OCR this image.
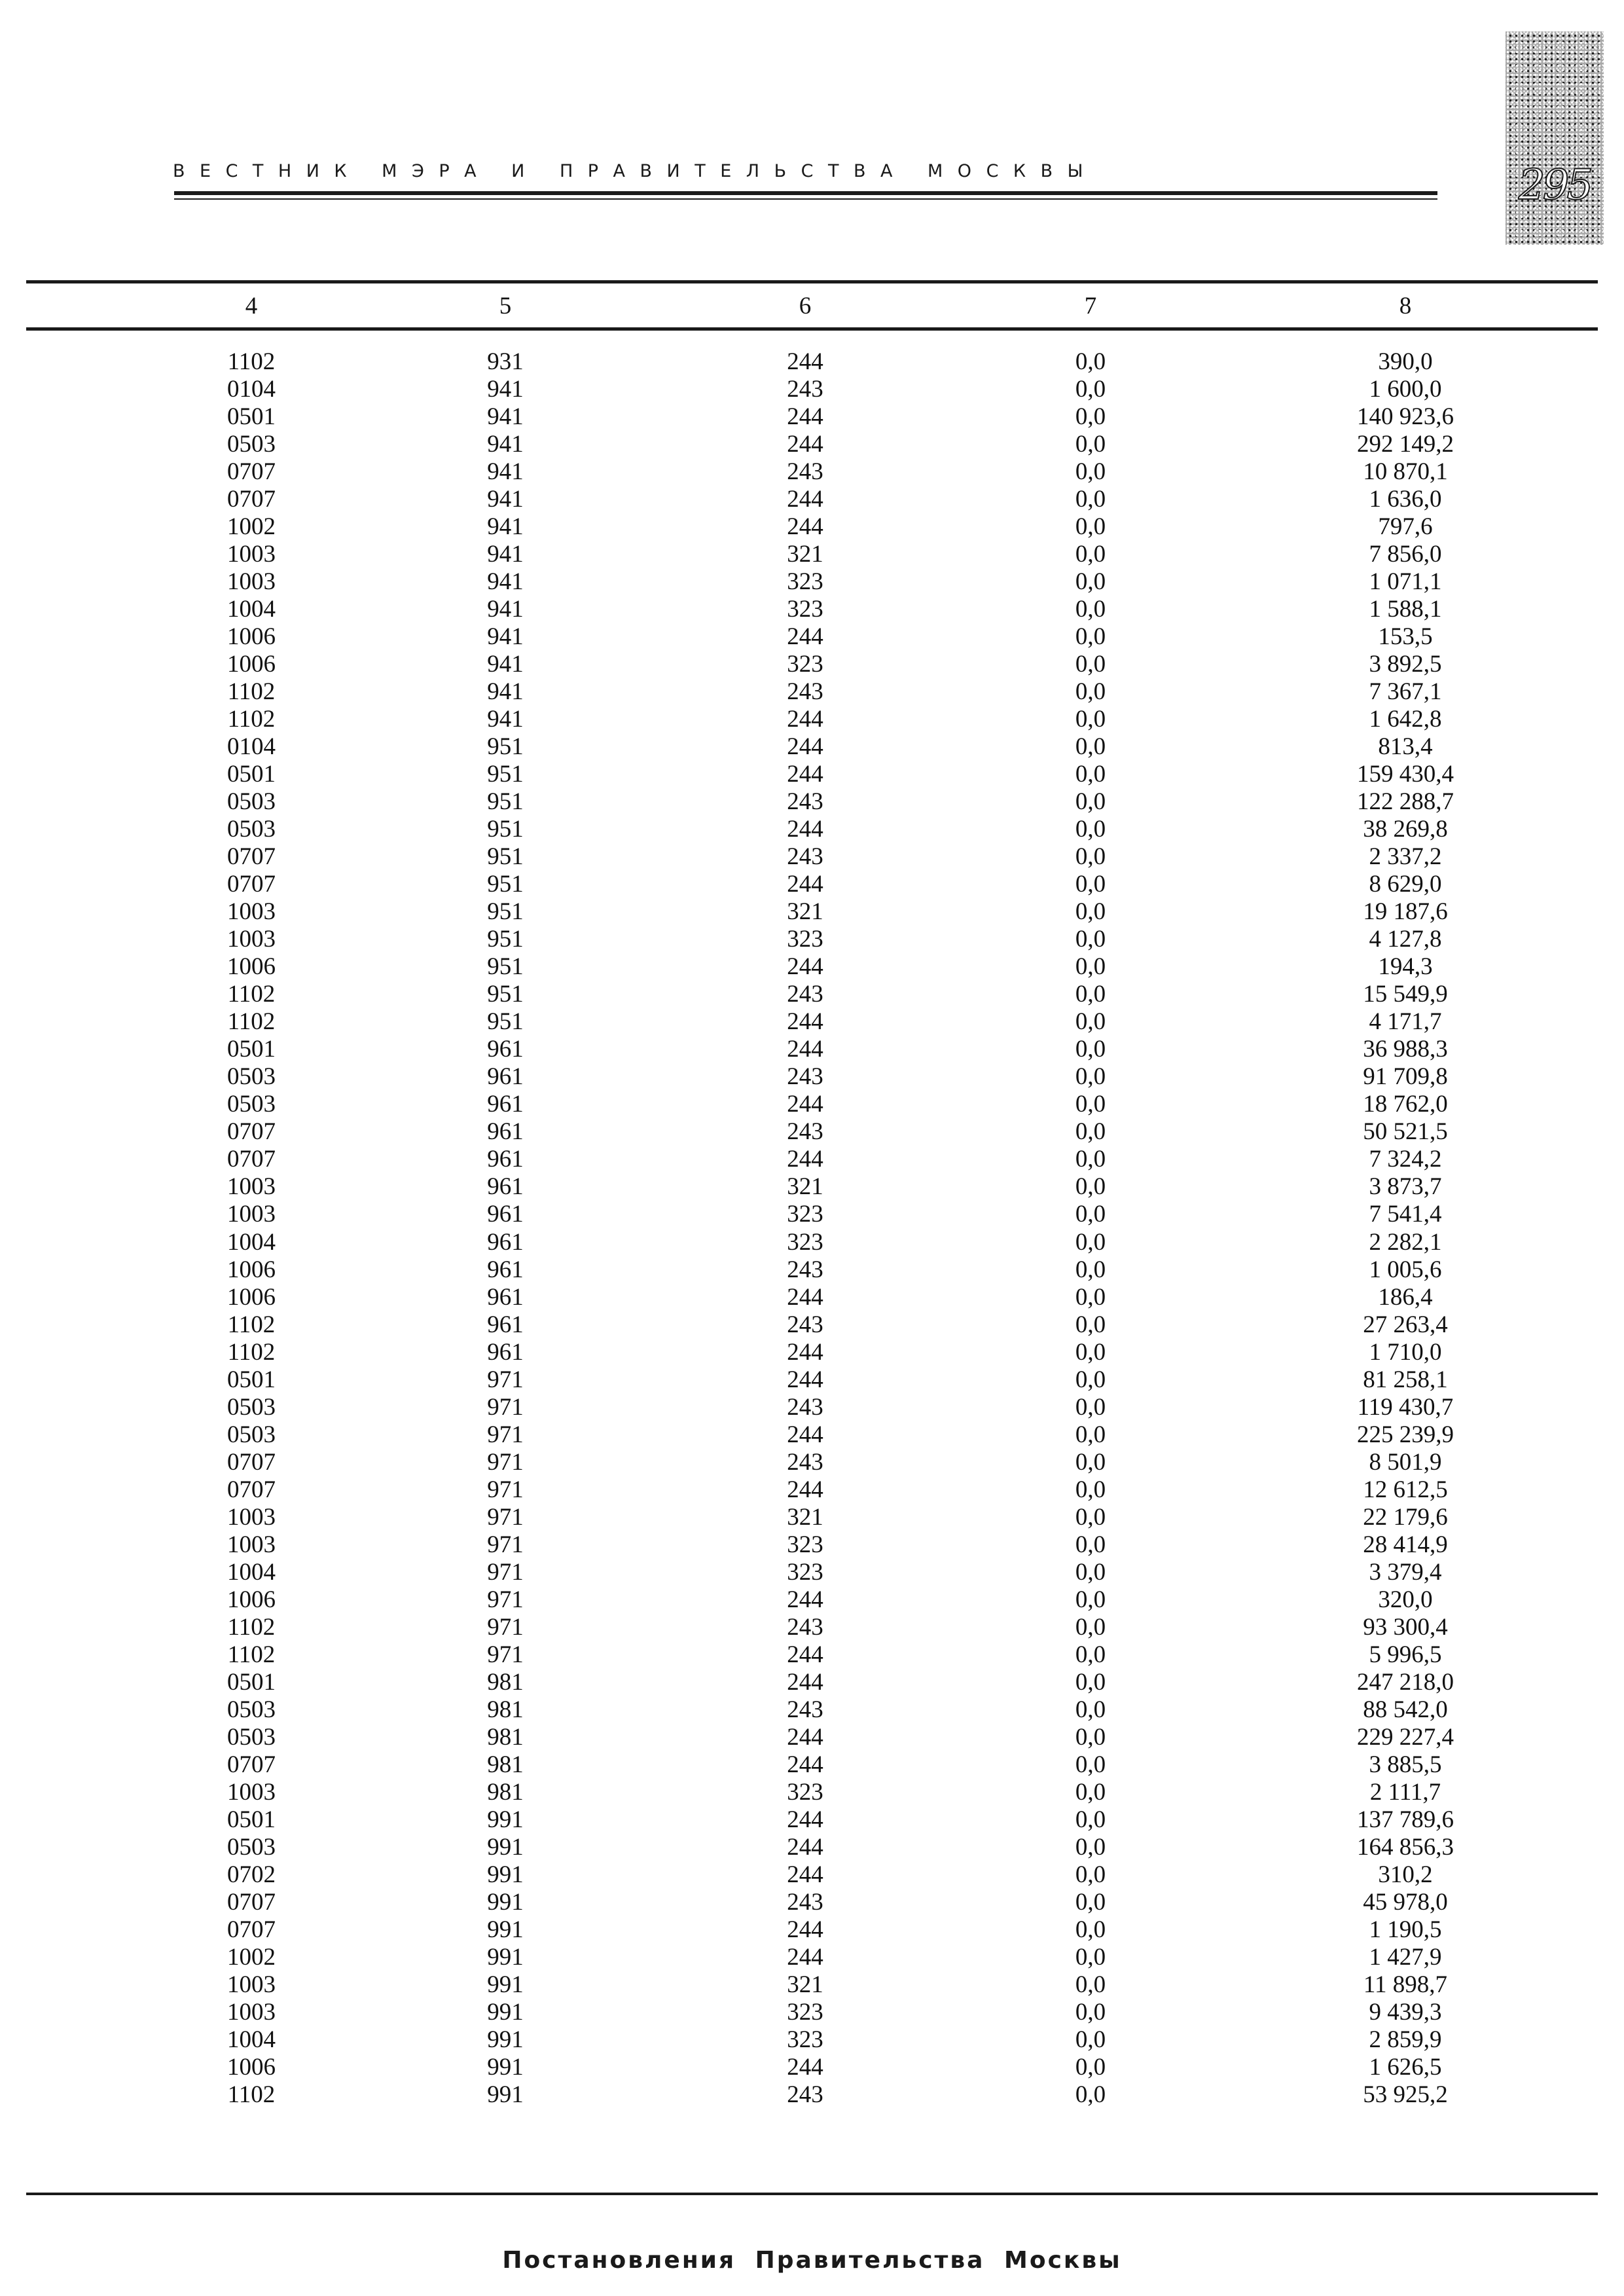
ВЕСТНИК МЭРА И ПРАВИТЕЛЬСТВА МОСКВЫ	295
4	5	6	7	8
1102	931	244	0,0	390,0
0104	941	243	0,0	1 600,0
0501	941	244	0,0	140 923,6
0503	941	244	0,0	292 149,2
0707	941	243	0,0	10 870,1
0707	941	244	0,0	1 636,0
1002	941	244	0,0	797,6
1003	941	321	0,0	7 856,0
1003	941	323	0,0	1 071,1
1004	941	323	0,0	1 588,1
1006	941	244	0,0	153,5
1006	941	323	0,0	3 892,5
1102	941	243	0,0	7 367,1
1102	941	244	0,0	1 642,8
0104	951	244	0,0	813,4
0501	951	244	0,0	159 430,4
0503	951	243	0,0	122 288,7
0503	951	244	0,0	38 269,8
0707	951	243	0,0	2 337,2
0707	951	244	0,0	8 629,0
1003	951	321	0,0	19 187,6
1003	951	323	0,0	4 127,8
1006	951	244	0,0	194,3
1102	951	243	0,0	15 549,9
1102	951	244	0,0	4 171,7
0501	961	244	0,0	36 988,3
0503	961	243	0,0	91 709,8
0503	961	244	0,0	18 762,0
0707	961	243	0,0	50 521,5
0707	961	244	0,0	7 324,2
1003	961	321	0,0	3 873,7
1003	961	323	0,0	7 541,4
1004	961	323	0,0	2 282,1
1006	961	243	0,0	1 005,6
1006	961	244	0,0	186,4
1102	961	243	0,0	27 263,4
1102	961	244	0,0	1 710,0
0501	971	244	0,0	81 258,1
0503	971	243	0,0	119 430,7
0503	971	244	0,0	225 239,9
0707	971	243	0,0	8 501,9
0707	971	244	0,0	12 612,5
1003	971	321	0,0	22 179,6
1003	971	323	0,0	28 414,9
1004	971	323	0,0	3 379,4
1006	971	244	0,0	320,0
1102	971	243	0,0	93 300,4
1102	971	244	0,0	5 996,5
0501	981	244	0,0	247 218,0
0503	981	243	0,0	88 542,0
0503	981	244	0,0	229 227,4
0707	981	244	0,0	3 885,5
1003	981	323	0,0	2 111,7
0501	991	244	0,0	137 789,6
0503	991	244	0,0	164 856,3
0702	991	244	0,0	310,2
0707	991	243	0,0	45 978,0
0707	991	244	0,0	1 190,5
1002	991	244	0,0	1 427,9
1003	991	321	0,0	11 898,7
1003	991	323	0,0	9 439,3
1004	991	323	0,0	2 859,9
1006	991	244	0,0	1 626,5
1102	991	243	0,0	53 925,2
Постановления Правительства Москвы
